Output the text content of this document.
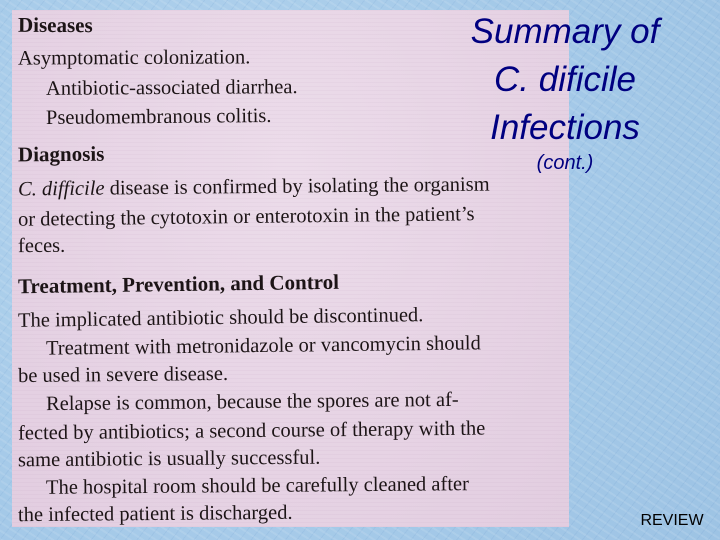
Diseases
Asymptomatic colonization.
Antibiotic-associated diarrhea.
Pseudomembranous colitis.
Diagnosis
C. difficile disease is confirmed by isolating the organism
or detecting the cytotoxin or enterotoxin in the patient’s
feces.
Treatment, Prevention, and Control
The implicated antibiotic should be discontinued.
Treatment with metronidazole or vancomycin should
be used in severe disease.
Relapse is common, because the spores are not af-
fected by antibiotics; a second course of therapy with the
same antibiotic is usually successful.
The hospital room should be carefully cleaned after
the infected patient is discharged.
Summary of
C. dificile
Infections
(cont.)
REVIEW
